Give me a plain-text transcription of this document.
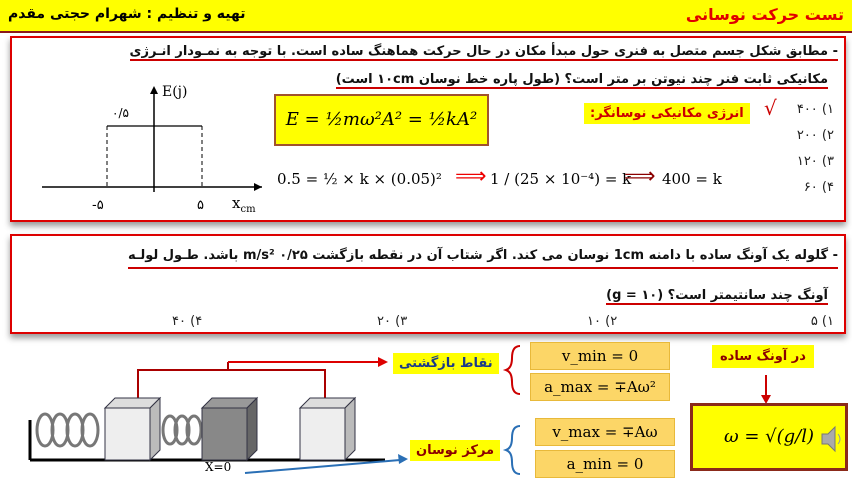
تست حرکت نوسانی
تهیه و تنظیم : شهرام حجتی مقدم
- مطابق شکل جسم متصل به فنری حول مبدأ مکان در حال حرکت هماهنگ ساده است. با توجه به نمـودار انـرژی
مکانیکی ثابت فنر چند نیوتن بر متر است؟ (طول پاره خط نوسان ۱۰cm است)
E(j)
۰/۵
-۵	۵ $x_{cm}$
E = ½mω²A² = ½kA²	انرژی مکانیکی نوسانگر:
0.5 = ½ × k × (0.05)² ⟹ 1 / (25 × 10⁻⁴) = k
⟹ 400 = k
√ ۱) ۴۰۰
۲) ۲۰۰
۳) ۱۲۰
۴) ۶۰
- گلوله یک آونگ ساده با دامنه 1cm نوسان می کند. اگر شتاب آن در نقطه بازگشت ۰/۲۵ m/s² باشد. طـول لولـه
آونگ چند سانتیمتر است؟ (g = ۱۰)
۱) ۵
۲) ۱۰
۳) ۲۰
۴) ۴۰
X=0
نقاط بازگشتی
مرکز نوسان
v_min = 0
a_max = ∓Aω²
v_max = ∓Aω
a_min = 0
در آونگ ساده
ω = √(g/l)
